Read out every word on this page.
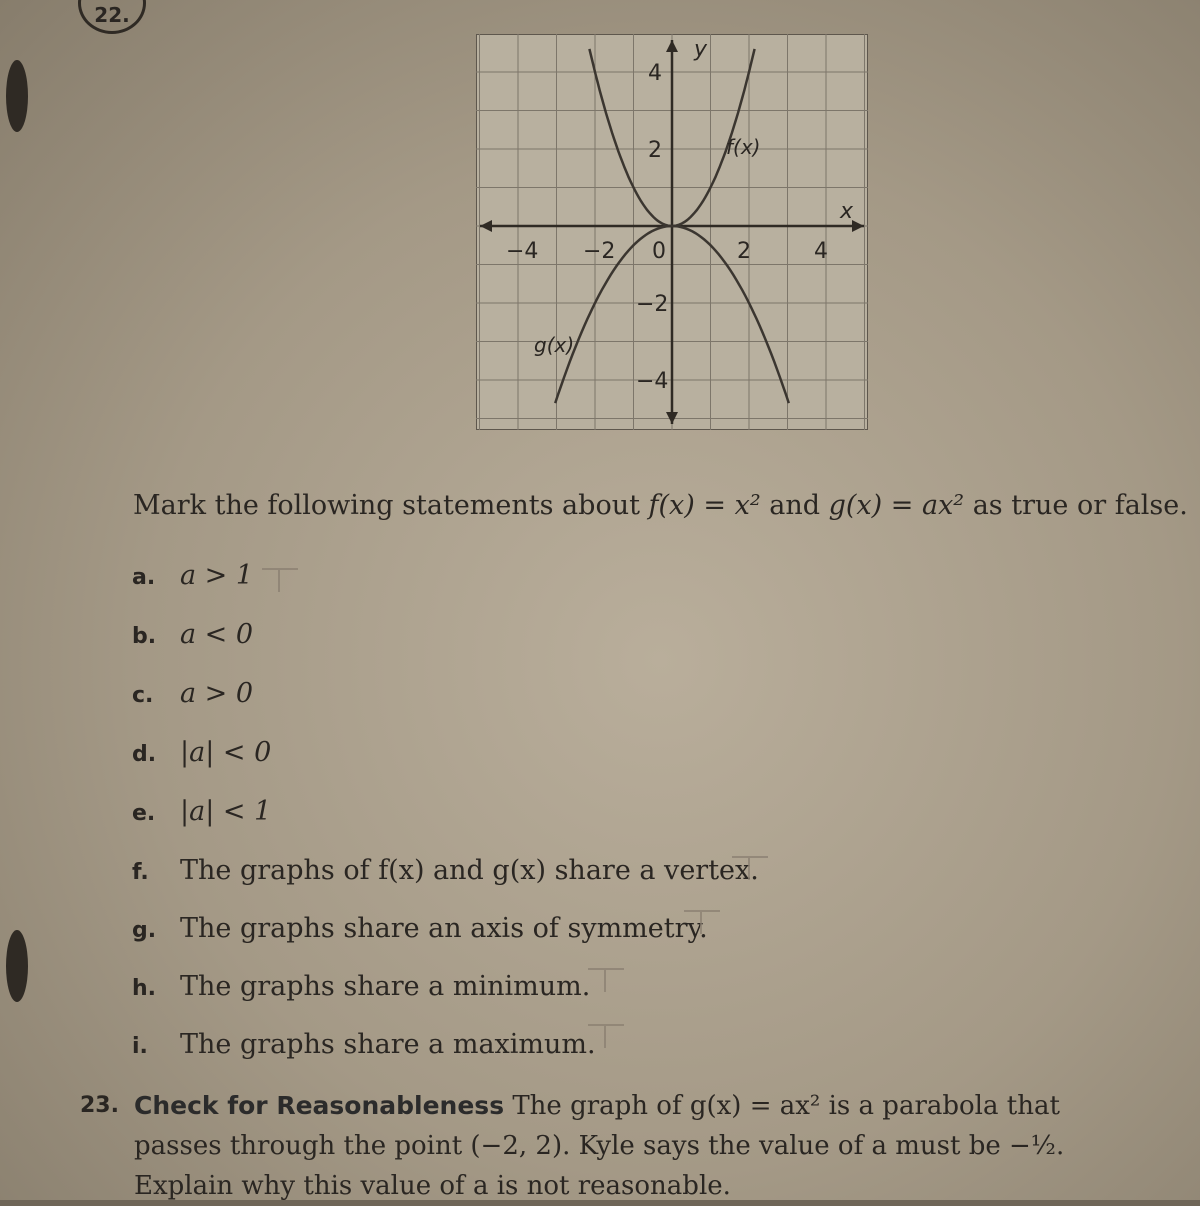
22.
−4 −2 0	2	4
4
2
−2
−4
y
x
f(x)
g(x)
Mark the following statements about f(x) = x² and g(x) = ax² as true or false.
a. a > 1
b. a < 0
c. a > 0
d. |a| < 0
e. |a| < 1
f. The graphs of f(x) and g(x) share a vertex.
g. The graphs share an axis of symmetry.
h. The graphs share a minimum.
i. The graphs share a maximum.
23. Check for Reasonableness The graph of g(x) = ax² is a parabola that passes through the point (−2, 2). Kyle says the value of a must be −½. Explain why this value of a is not reasonable.
